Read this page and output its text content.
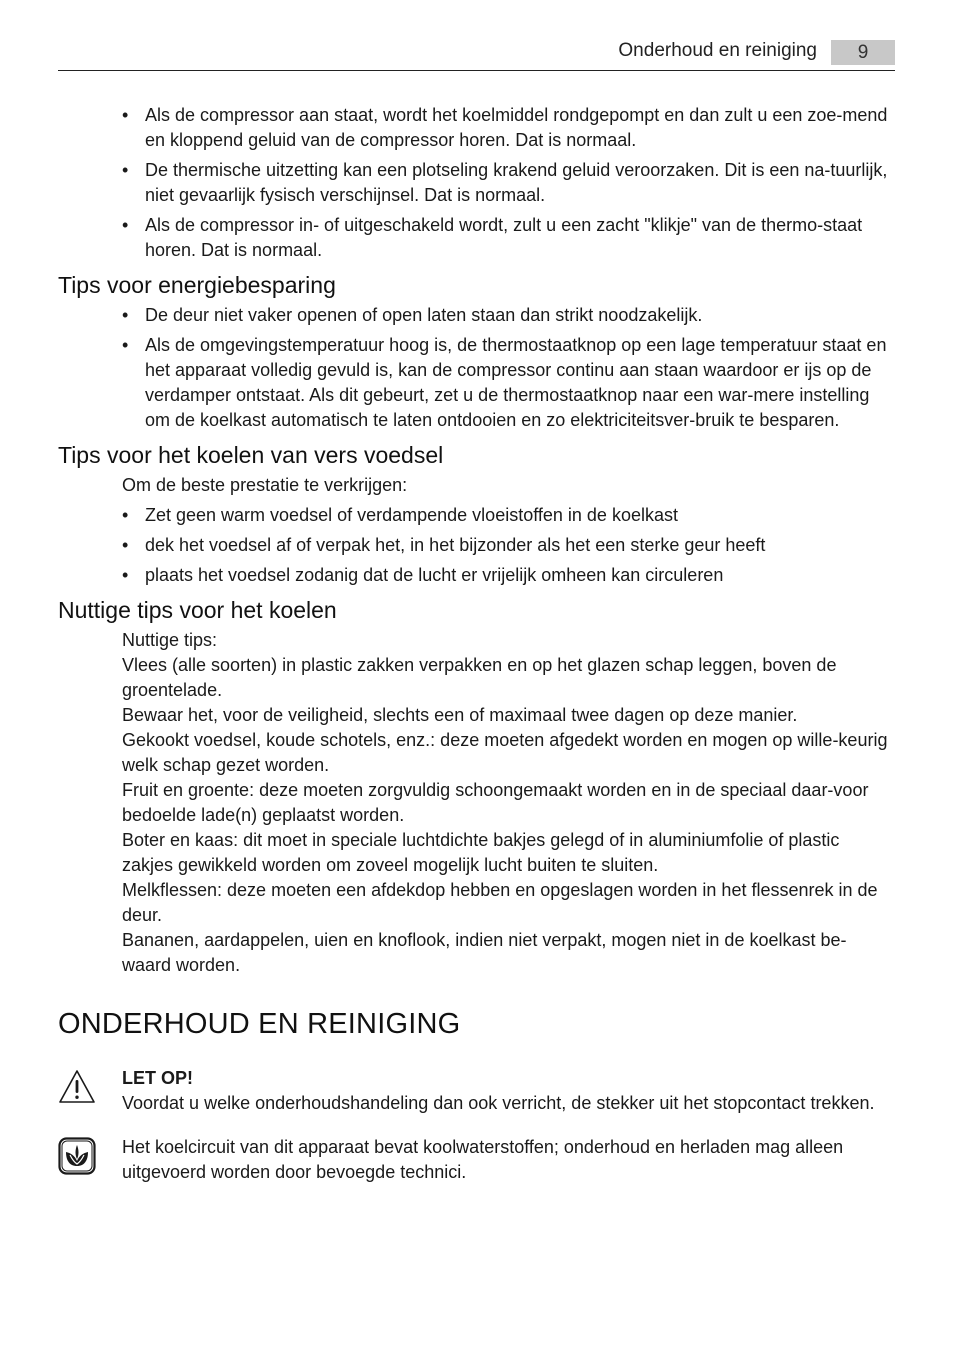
Onderhoud en reiniging	9
• Als de compressor aan staat, wordt het koelmiddel rondgepompt en dan zult u een zoe-mend en kloppend geluid van de compressor horen. Dat is normaal.
• De thermische uitzetting kan een plotseling krakend geluid veroorzaken. Dit is een na-tuurlijk, niet gevaarlijk fysisch verschijnsel. Dat is normaal.
• Als de compressor in- of uitgeschakeld wordt, zult u een zacht "klikje" van de thermo-staat horen. Dat is normaal.
Tips voor energiebesparing
• De deur niet vaker openen of open laten staan dan strikt noodzakelijk.
• Als de omgevingstemperatuur hoog is, de thermostaatknop op een lage temperatuur staat en het apparaat volledig gevuld is, kan de compressor continu aan staan waardoor er ijs op de verdamper ontstaat. Als dit gebeurt, zet u de thermostaatknop naar een war-mere instelling om de koelkast automatisch te laten ontdooien en zo elektriciteitsver-bruik te besparen.
Tips voor het koelen van vers voedsel

Om de beste prestatie te verkrijgen:

• Zet geen warm voedsel of verdampende vloeistoffen in de koelkast
• dek het voedsel af of verpak het, in het bijzonder als het een sterke geur heeft
• plaats het voedsel zodanig dat de lucht er vrijelijk omheen kan circuleren
Nuttige tips voor het koelen

Nuttige tips:

Vlees (alle soorten) in plastic zakken verpakken en op het glazen schap leggen, boven de groentelade.

Bewaar het, voor de veiligheid, slechts een of maximaal twee dagen op deze manier.

Gekookt voedsel, koude schotels, enz.: deze moeten afgedekt worden en mogen op wille-keurig welk schap gezet worden.

Fruit en groente: deze moeten zorgvuldig schoongemaakt worden en in de speciaal daar-voor bedoelde lade(n) geplaatst worden.

Boter en kaas: dit moet in speciale luchtdichte bakjes gelegd of in aluminiumfolie of plastic zakjes gewikkeld worden om zoveel mogelijk lucht buiten te sluiten.

Melkflessen: deze moeten een afdekdop hebben en opgeslagen worden in het flessenrek in de deur.

Bananen, aardappelen, uien en knoflook, indien niet verpakt, mogen niet in de koelkast be-waard worden.

ONDERHOUD EN REINIGING

LET OP!

Voordat u welke onderhoudshandeling dan ook verricht, de stekker uit het stopcontact trekken.

Het koelcircuit van dit apparaat bevat koolwaterstoffen; onderhoud en herladen mag alleen uitgevoerd worden door bevoegde technici.
